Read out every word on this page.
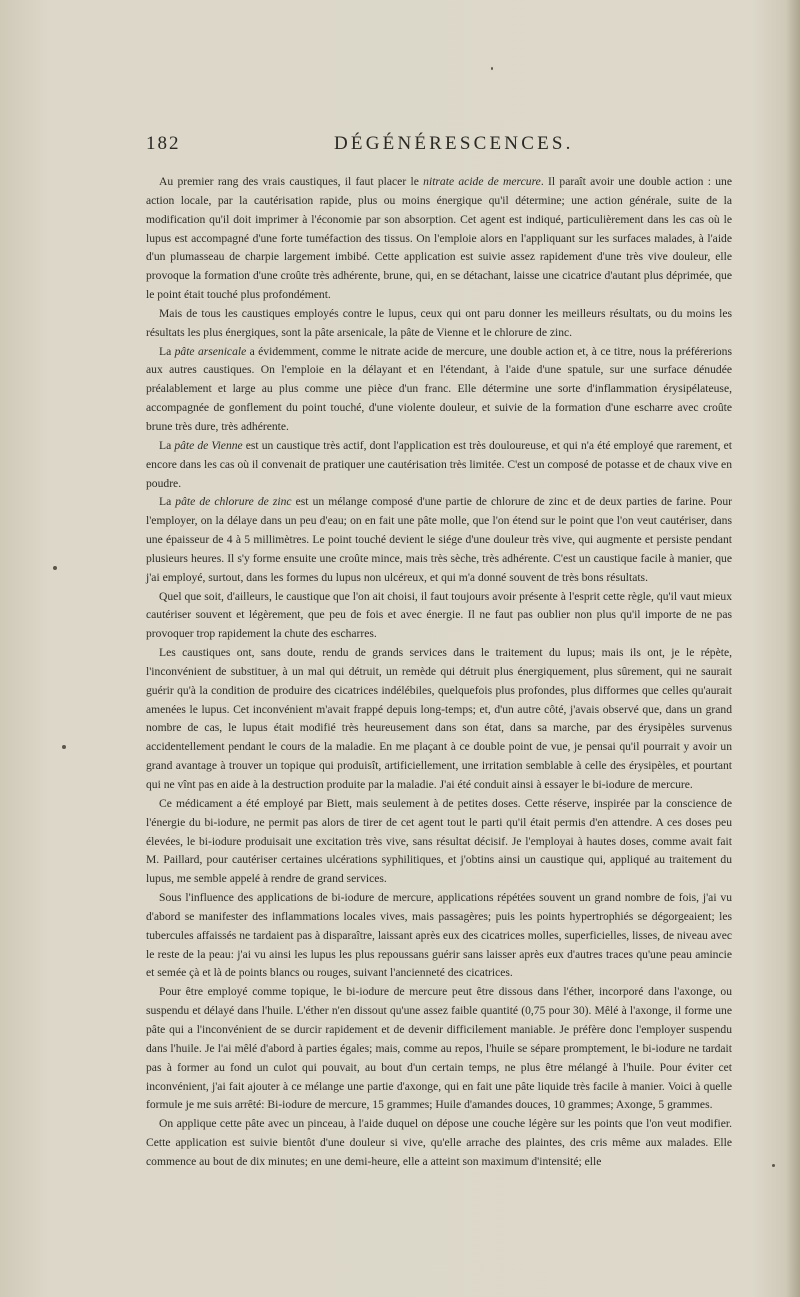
182	DÉGÉNÉRESCENCES.

Au premier rang des vrais caustiques, il faut placer le nitrate acide de mercure. Il paraît avoir une double action : une action locale, par la cautérisation rapide, plus ou moins énergique qu'il détermine; une action générale, suite de la modification qu'il doit imprimer à l'économie par son absorption. Cet agent est indiqué, particulièrement dans les cas où le lupus est accompagné d'une forte tuméfaction des tissus. On l'emploie alors en l'appliquant sur les surfaces malades, à l'aide d'un plumasseau de charpie largement imbibé. Cette application est suivie assez rapidement d'une très vive douleur, elle provoque la formation d'une croûte très adhérente, brune, qui, en se détachant, laisse une cicatrice d'autant plus déprimée, que le point était touché plus profondément.

Mais de tous les caustiques employés contre le lupus, ceux qui ont paru donner les meilleurs résultats, ou du moins les résultats les plus énergiques, sont la pâte arsenicale, la pâte de Vienne et le chlorure de zinc.

La pâte arsenicale a évidemment, comme le nitrate acide de mercure, une double action et, à ce titre, nous la préférerions aux autres caustiques. On l'emploie en la délayant et en l'étendant, à l'aide d'une spatule, sur une surface dénudée préalablement et large au plus comme une pièce d'un franc. Elle détermine une sorte d'inflammation érysipélateuse, accompagnée de gonflement du point touché, d'une violente douleur, et suivie de la formation d'une escharre avec croûte brune très dure, très adhérente.

La pâte de Vienne est un caustique très actif, dont l'application est très douloureuse, et qui n'a été employé que rarement, et encore dans les cas où il convenait de pratiquer une cautérisation très limitée. C'est un composé de potasse et de chaux vive en poudre.

La pâte de chlorure de zinc est un mélange composé d'une partie de chlorure de zinc et de deux parties de farine. Pour l'employer, on la délaye dans un peu d'eau; on en fait une pâte molle, que l'on étend sur le point que l'on veut cautériser, dans une épaisseur de 4 à 5 millimètres. Le point touché devient le siége d'une douleur très vive, qui augmente et persiste pendant plusieurs heures. Il s'y forme ensuite une croûte mince, mais très sèche, très adhérente. C'est un caustique facile à manier, que j'ai employé, surtout, dans les formes du lupus non ulcéreux, et qui m'a donné souvent de très bons résultats.

Quel que soit, d'ailleurs, le caustique que l'on ait choisi, il faut toujours avoir présente à l'esprit cette règle, qu'il vaut mieux cautériser souvent et légèrement, que peu de fois et avec énergie. Il ne faut pas oublier non plus qu'il importe de ne pas provoquer trop rapidement la chute des escharres.

Les caustiques ont, sans doute, rendu de grands services dans le traitement du lupus; mais ils ont, je le répète, l'inconvénient de substituer, à un mal qui détruit, un remède qui détruit plus énergiquement, plus sûrement, qui ne saurait guérir qu'à la condition de produire des cicatrices indélébiles, quelquefois plus profondes, plus difformes que celles qu'aurait amenées le lupus. Cet inconvénient m'avait frappé depuis long-temps; et, d'un autre côté, j'avais observé que, dans un grand nombre de cas, le lupus était modifié très heureusement dans son état, dans sa marche, par des érysipèles survenus accidentellement pendant le cours de la maladie. En me plaçant à ce double point de vue, je pensai qu'il pourrait y avoir un grand avantage à trouver un topique qui produisît, artificiellement, une irritation semblable à celle des érysipèles, et pourtant qui ne vînt pas en aide à la destruction produite par la maladie. J'ai été conduit ainsi à essayer le bi-iodure de mercure.

Ce médicament a été employé par Biett, mais seulement à de petites doses. Cette réserve, inspirée par la conscience de l'énergie du bi-iodure, ne permit pas alors de tirer de cet agent tout le parti qu'il était permis d'en attendre. A ces doses peu élevées, le bi-iodure produisait une excitation très vive, sans résultat décisif. Je l'employai à hautes doses, comme avait fait M. Paillard, pour cautériser certaines ulcérations syphilitiques, et j'obtins ainsi un caustique qui, appliqué au traitement du lupus, me semble appelé à rendre de grand services.

Sous l'influence des applications de bi-iodure de mercure, applications répétées souvent un grand nombre de fois, j'ai vu d'abord se manifester des inflammations locales vives, mais passagères; puis les points hypertrophiés se dégorgeaient; les tubercules affaissés ne tardaient pas à disparaître, laissant après eux des cicatrices molles, superficielles, lisses, de niveau avec le reste de la peau: j'ai vu ainsi les lupus les plus repoussans guérir sans laisser après eux d'autres traces qu'une peau amincie et semée çà et là de points blancs ou rouges, suivant l'ancienneté des cicatrices.

Pour être employé comme topique, le bi-iodure de mercure peut être dissous dans l'éther, incorporé dans l'axonge, ou suspendu et délayé dans l'huile. L'éther n'en dissout qu'une assez faible quantité (0,75 pour 30). Mêlé à l'axonge, il forme une pâte qui a l'inconvénient de se durcir rapidement et de devenir difficilement maniable. Je préfère donc l'employer suspendu dans l'huile. Je l'ai mêlé d'abord à parties égales; mais, comme au repos, l'huile se sépare promptement, le bi-iodure ne tardait pas à former au fond un culot qui pouvait, au bout d'un certain temps, ne plus être mélangé à l'huile. Pour éviter cet inconvénient, j'ai fait ajouter à ce mélange une partie d'axonge, qui en fait une pâte liquide très facile à manier. Voici à quelle formule je me suis arrêté: Bi-iodure de mercure, 15 grammes; Huile d'amandes douces, 10 grammes; Axonge, 5 grammes.

On applique cette pâte avec un pinceau, à l'aide duquel on dépose une couche légère sur les points que l'on veut modifier. Cette application est suivie bientôt d'une douleur si vive, qu'elle arrache des plaintes, des cris même aux malades. Elle commence au bout de dix minutes; en une demi-heure, elle a atteint son maximum d'intensité; elle
